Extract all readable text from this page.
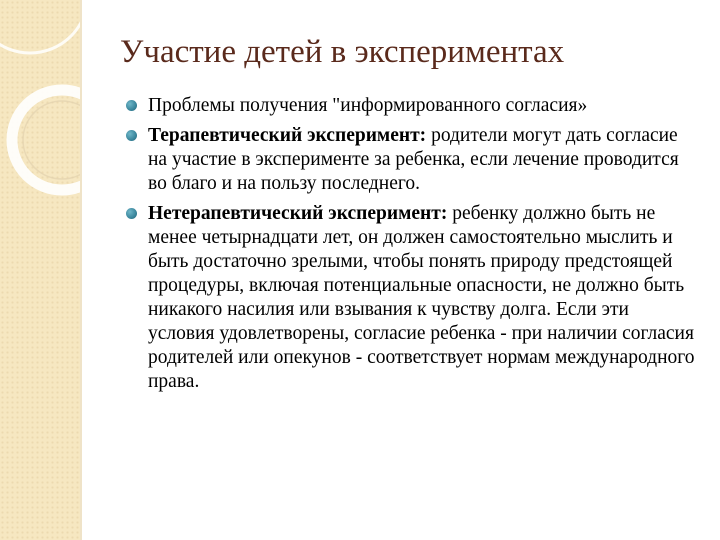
Участие детей в экспериментах
Проблемы получения "информированного согласия»
Терапевтический эксперимент: родители могут дать согласие на участие в эксперименте за ребенка, если лечение проводится во благо и на пользу последнего.
Нетерапевтический эксперимент: ребенку должно быть не менее четырнадцати лет, он должен самостоятельно мыслить и быть достаточно зрелыми, чтобы понять природу предстоящей процедуры, включая потенциальные опасности, не должно быть никакого насилия или взывания к чувству долга. Если эти условия удовлетворены, согласие ребенка - при наличии согласия родителей или опекунов - соответствует нормам международного права.
